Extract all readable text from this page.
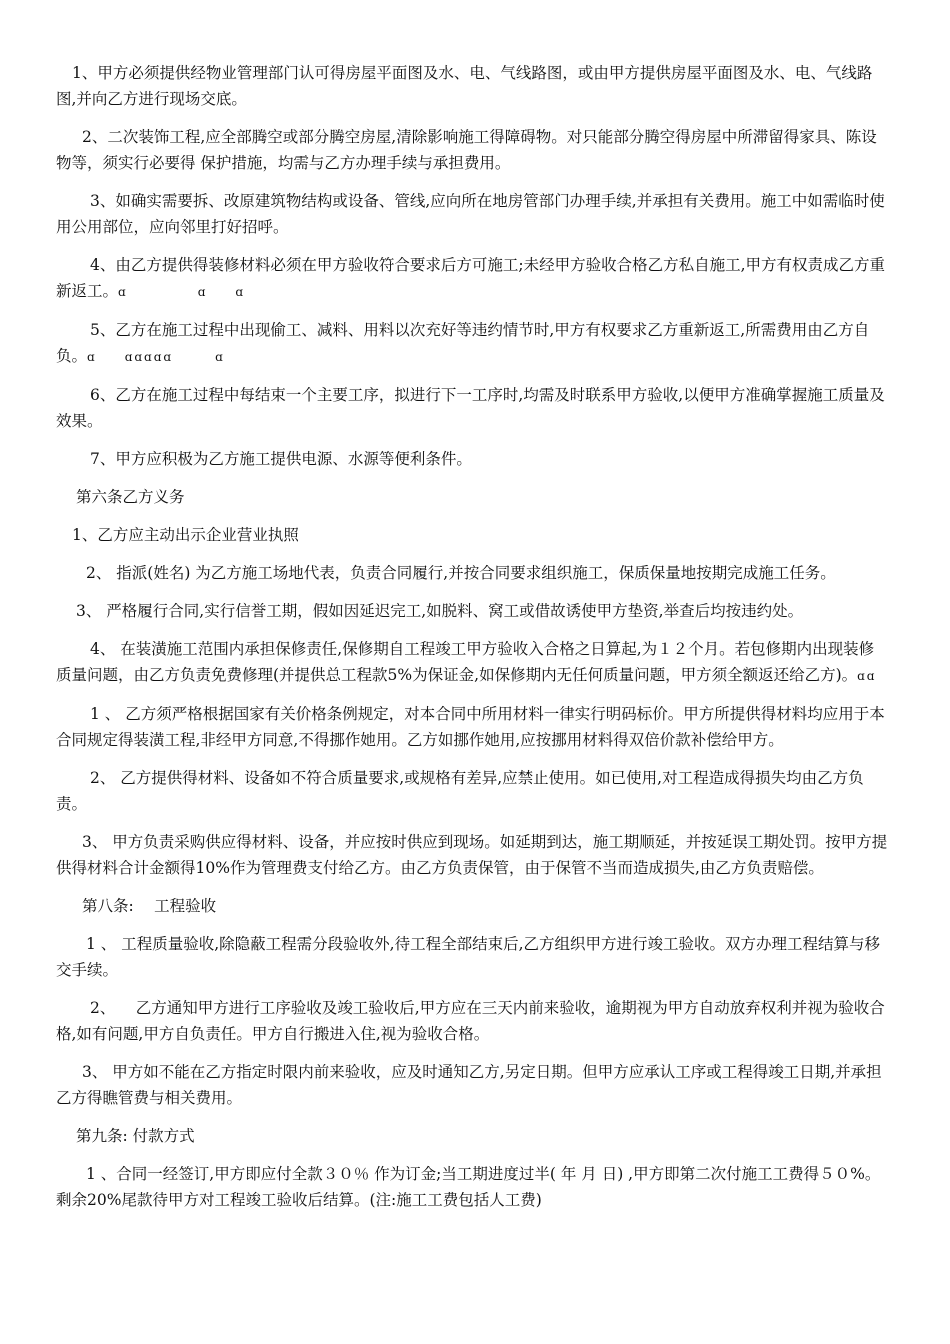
1、甲方必须提供经物业管理部门认可得房屋平面图及水、电、气线路图，或由甲方提供房屋平面图及水、电、气线路图,并向乙方进行现场交底。

2、二次装饰工程,应全部腾空或部分腾空房屋,清除影响施工得障碍物。对只能部分腾空得房屋中所滞留得家具、陈设物等，须实行必要得 保护措施，均需与乙方办理手续与承担费用。

3、如确实需要拆、改原建筑物结构或设备、管线,应向所在地房管部门办理手续,并承担有关费用。施工中如需临时使用公用部位，应向邻里打好招呼。

4、由乙方提供得装修材料必须在甲方验收符合要求后方可施工;未经甲方验收合格乙方私自施工,甲方有权责成乙方重新返工。ɑ　　　　　ɑ　　ɑ

5、乙方在施工过程中出现偷工、减料、用料以次充好等违约情节时,甲方有权要求乙方重新返工,所需费用由乙方自负。ɑ　　ɑɑɑɑɑ　　　ɑ

6、乙方在施工过程中每结束一个主要工序，拟进行下一工序时,均需及时联系甲方验收,以便甲方准确掌握施工质量及效果。

7、甲方应积极为乙方施工提供电源、水源等便利条件。

第六条乙方义务

1、乙方应主动出示企业营业执照

2、 指派(姓名) 为乙方施工场地代表，负责合同履行,并按合同要求组织施工，保质保量地按期完成施工任务。

3、 严格履行合同,实行信誉工期，假如因延迟完工,如脱料、窝工或借故诱使甲方垫资,举查后均按违约处。

4、 在装潢施工范围内承担保修责任,保修期自工程竣工甲方验收入合格之日算起,为１２个月。若包修期内出现装修质量问题，由乙方负责免费修理(并提供总工程款5%为保证金,如保修期内无任何质量问题，甲方须全额返还给乙方)。ɑɑ

1 、 乙方须严格根据国家有关价格条例规定，对本合同中所用材料一律实行明码标价。甲方所提供得材料均应用于本合同规定得装潢工程,非经甲方同意,不得挪作她用。乙方如挪作她用,应按挪用材料得双倍价款补偿给甲方。

2、 乙方提供得材料、设备如不符合质量要求,或规格有差异,应禁止使用。如已使用,对工程造成得损失均由乙方负责。

3、 甲方负责采购供应得材料、设备，并应按时供应到现场。如延期到达，施工期顺延，并按延误工期处罚。按甲方提供得材料合计金额得10%作为管理费支付给乙方。由乙方负责保管，由于保管不当而造成损失,由乙方负责赔偿。

第八条: 　工程验收

1 、 工程质量验收,除隐蔽工程需分段验收外,待工程全部结束后,乙方组织甲方进行竣工验收。双方办理工程结算与移交手续。

2、 　乙方通知甲方进行工序验收及竣工验收后,甲方应在三天内前来验收，逾期视为甲方自动放弃权利并视为验收合格,如有问题,甲方自负责任。甲方自行搬进入住,视为验收合格。

3、 甲方如不能在乙方指定时限内前来验收，应及时通知乙方,另定日期。但甲方应承认工序或工程得竣工日期,并承担乙方得瞧管费与相关费用。

第九条: 付款方式

1 、合同一经签订,甲方即应付全款３０％ 作为订金;当工期进度过半( 年 月 日) ,甲方即第二次付施工工费得５０%。剩余20%尾款待甲方对工程竣工验收后结算。(注:施工工费包括人工费)
